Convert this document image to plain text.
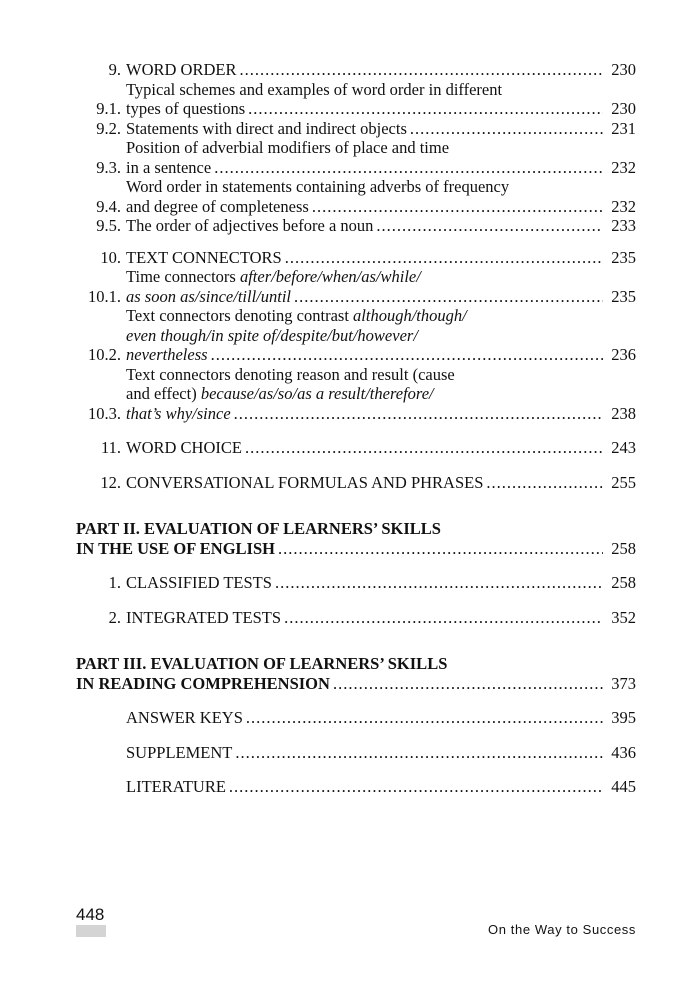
9. WORD ORDER .....	230
9.1.
Typical schemes and examples of word order in different
types of questions .....	230
9.2. Statements with direct and indirect objects .....	231
9.3.
Position of adverbial modifiers of place and time
in a sentence .....	232
9.4.
Word order in statements containing adverbs of frequency
and degree of completeness .....	232
9.5. The order of adjectives before a noun .....	233
10. TEXT CONNECTORS .....	235
10.1.
Time connectors after/before/when/as/while/
as soon as/since/till/until .....	235
10.2.
Text connectors denoting contrast although/though/
even though/in spite of/despite/but/however/
nevertheless .....	236
10.3.
Text connectors denoting reason and result (cause
and effect) because/as/so/as a result/therefore/
that’s why/since .....	238
11. WORD CHOICE .....	243
12. CONVERSATIONAL FORMULAS AND PHRASES .....	255
PART II. EVALUATION OF LEARNERS’ SKILLS
IN THE USE OF ENGLISH .....	258
1. CLASSIFIED TESTS .....	258
2. INTEGRATED TESTS .....	352
PART III. EVALUATION OF LEARNERS’ SKILLS
IN READING COMPREHENSION .....	373
ANSWER KEYS .....	395
SUPPLEMENT .....	436
LITERATURE .....	445
448
On the Way to Success
